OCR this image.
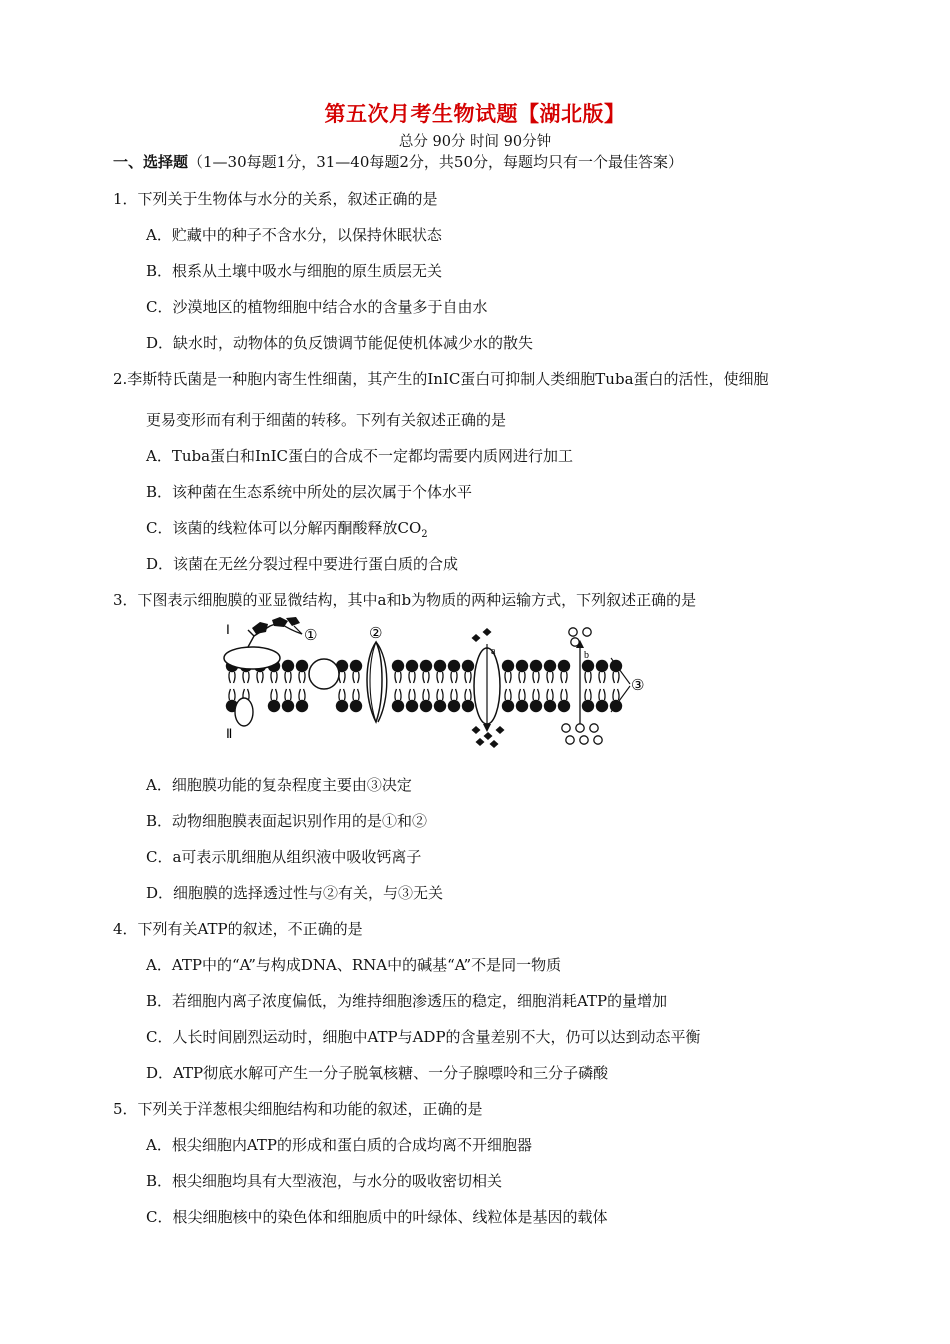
第五次月考生物试题【湖北版】
总分 90分 时间 90分钟
一、选择题（1—30每题1分，31—40每题2分，共50分，每题均只有一个最佳答案）
1．下列关于生物体与水分的关系，叙述正确的是
A．贮藏中的种子不含水分，以保持休眠状态
B．根系从土壤中吸水与细胞的原生质层无关
C．沙漠地区的植物细胞中结合水的含量多于自由水
D．缺水时，动物体的负反馈调节能促使机体减少水的散失
2.李斯特氏菌是一种胞内寄生性细菌，其产生的InIC蛋白可抑制人类细胞Tuba蛋白的活性，使细胞
更易变形而有利于细菌的转移。下列有关叙述正确的是
A．Tuba蛋白和InIC蛋白的合成不一定都均需要内质网进行加工
B．该种菌在生态系统中所处的层次属于个体水平
C．该菌的线粒体可以分解丙酮酸释放$CO_2$
D．该菌在无丝分裂过程中要进行蛋白质的合成
3．下图表示细胞膜的亚显微结构，其中a和b为物质的两种运输方式，下列叙述正确的是
Ⅰ
Ⅱ
①	②
a	b
③
A．细胞膜功能的复杂程度主要由③决定
B．动物细胞膜表面起识别作用的是①和②
C．a可表示肌细胞从组织液中吸收钙离子
D．细胞膜的选择透过性与②有关，与③无关
4．下列有关ATP的叙述，不正确的是
A．ATP中的“A”与构成DNA、RNA中的碱基“A”不是同一物质
B．若细胞内离子浓度偏低，为维持细胞渗透压的稳定，细胞消耗ATP的量增加
C．人长时间剧烈运动时，细胞中ATP与ADP的含量差别不大，仍可以达到动态平衡
D．ATP彻底水解可产生一分子脱氧核糖、一分子腺嘌呤和三分子磷酸
5．下列关于洋葱根尖细胞结构和功能的叙述，正确的是
A．根尖细胞内ATP的形成和蛋白质的合成均离不开细胞器
B．根尖细胞均具有大型液泡，与水分的吸收密切相关
C．根尖细胞核中的染色体和细胞质中的叶绿体、线粒体是基因的载体
